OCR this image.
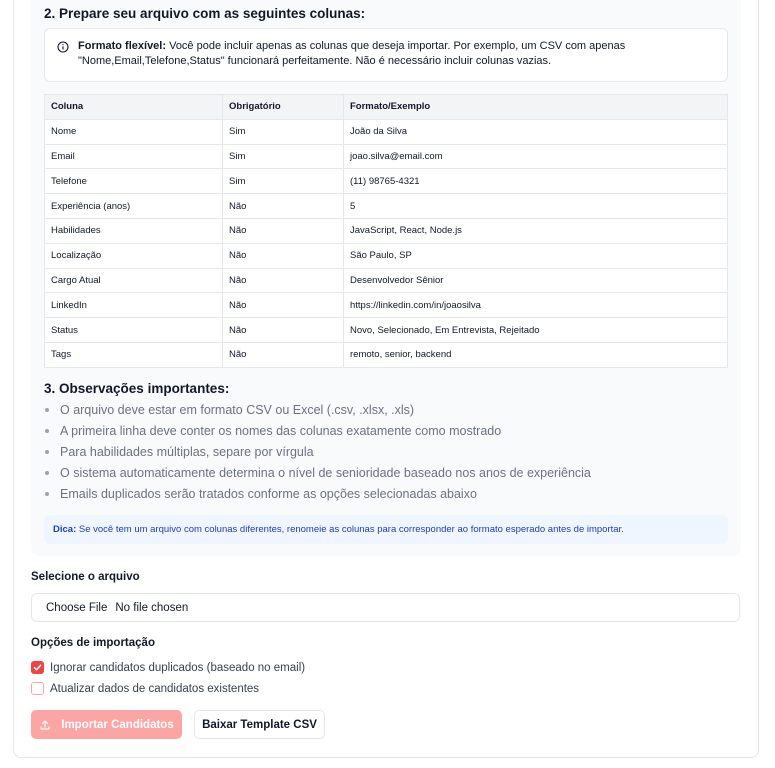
2. Prepare seu arquivo com as seguintes colunas:
Formato flexível: Você pode incluir apenas as colunas que deseja importar. Por exemplo, um CSV com apenas
"Nome,Email,Telefone,Status" funcionará perfeitamente. Não é necessário incluir colunas vazias.
Coluna	Obrigatório	Formato/Exemplo
Nome	Sim	João da Silva
Email	Sim	joao.silva@email.com
Telefone	Sim	(11) 98765-4321
Experiência (anos)	Não	5
Habilidades	Não	JavaScript, React, Node.js
Localização	Não	São Paulo, SP
Cargo Atual	Não	Desenvolvedor Sênior
LinkedIn	Não	https://linkedin.com/in/joaosilva
Status	Não	Novo, Selecionado, Em Entrevista, Rejeitado
Tags	Não	remoto, senior, backend
3. Observações importantes:
O arquivo deve estar em formato CSV ou Excel (.csv, .xlsx, .xls)
A primeira linha deve conter os nomes das colunas exatamente como mostrado
Para habilidades múltiplas, separe por vírgula
O sistema automaticamente determina o nível de senioridade baseado nos anos de experiência
Emails duplicados serão tratados conforme as opções selecionadas abaixo
Dica: Se você tem um arquivo com colunas diferentes, renomeie as colunas para corresponder ao formato esperado antes de importar.
Selecione o arquivo
Choose File No file chosen
Opções de importação
Ignorar candidatos duplicados (baseado no email)
Atualizar dados de candidatos existentes
Importar Candidatos	Baixar Template CSV
